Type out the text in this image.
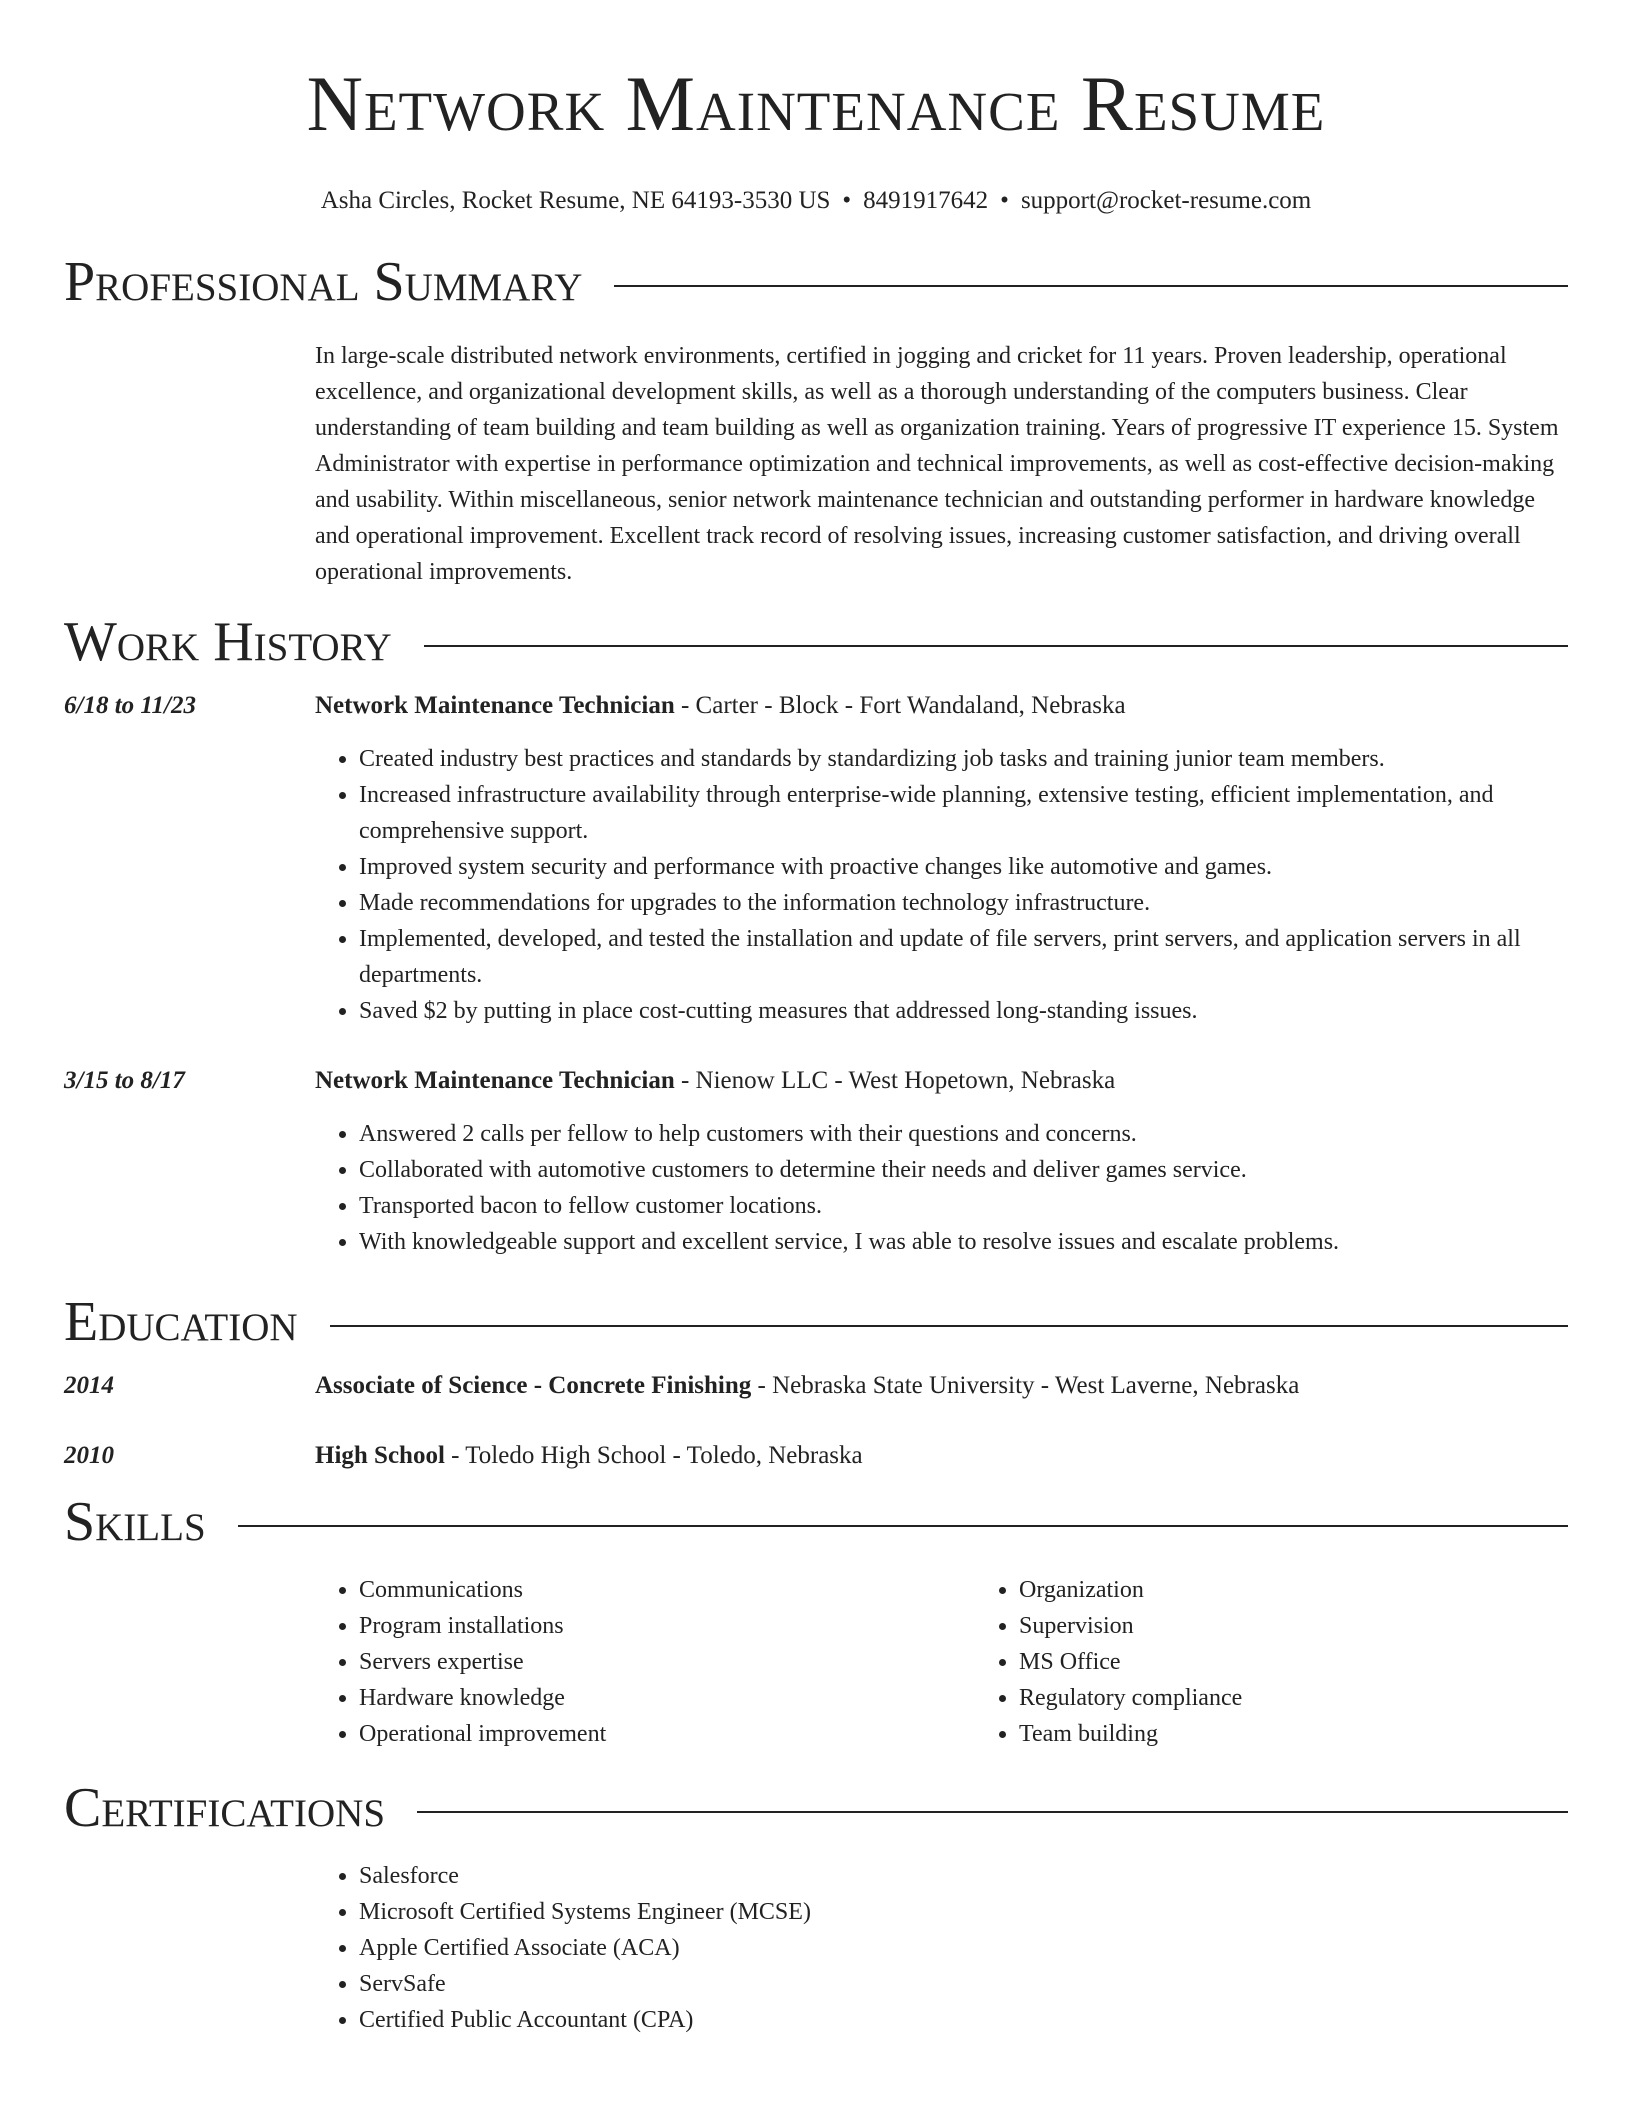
Network Maintenance Resume
Asha Circles, Rocket Resume, NE 64193-3530 US • 8491917642 • support@rocket-resume.com
Professional Summary

In large-scale distributed network environments, certified in jogging and cricket for 11 years. Proven leadership, operational excellence, and organizational development skills, as well as a thorough understanding of the computers business. Clear understanding of team building and team building as well as organization training. Years of progressive IT experience 15. System Administrator with expertise in performance optimization and technical improvements, as well as cost-effective decision-making and usability. Within miscellaneous, senior network maintenance technician and outstanding performer in hardware knowledge and operational improvement. Excellent track record of resolving issues, increasing customer satisfaction, and driving overall operational improvements.

Work History
6/18 to 11/23	Network Maintenance Technician - Carter - Block - Fort Wandaland, Nebraska
• Created industry best practices and standards by standardizing job tasks and training junior team members.
• Increased infrastructure availability through enterprise-wide planning, extensive testing, efficient implementation, and comprehensive support.
• Improved system security and performance with proactive changes like automotive and games.
• Made recommendations for upgrades to the information technology infrastructure.
• Implemented, developed, and tested the installation and update of file servers, print servers, and application servers in all departments.
• Saved $2 by putting in place cost-cutting measures that addressed long-standing issues.
3/15 to 8/17	Network Maintenance Technician - Nienow LLC - West Hopetown, Nebraska
• Answered 2 calls per fellow to help customers with their questions and concerns.
• Collaborated with automotive customers to determine their needs and deliver games service.
• Transported bacon to fellow customer locations.
• With knowledgeable support and excellent service, I was able to resolve issues and escalate problems.
Education
2014	Associate of Science - Concrete Finishing - Nebraska State University - West Laverne, Nebraska
2010	High School - Toledo High School - Toledo, Nebraska
Skills
• Communications
• Program installations
• Servers expertise
• Hardware knowledge
• Operational improvement
• Organization
• Supervision
• MS Office
• Regulatory compliance
• Team building
Certifications
• Salesforce
• Microsoft Certified Systems Engineer (MCSE)
• Apple Certified Associate (ACA)
• ServSafe
• Certified Public Accountant (CPA)
